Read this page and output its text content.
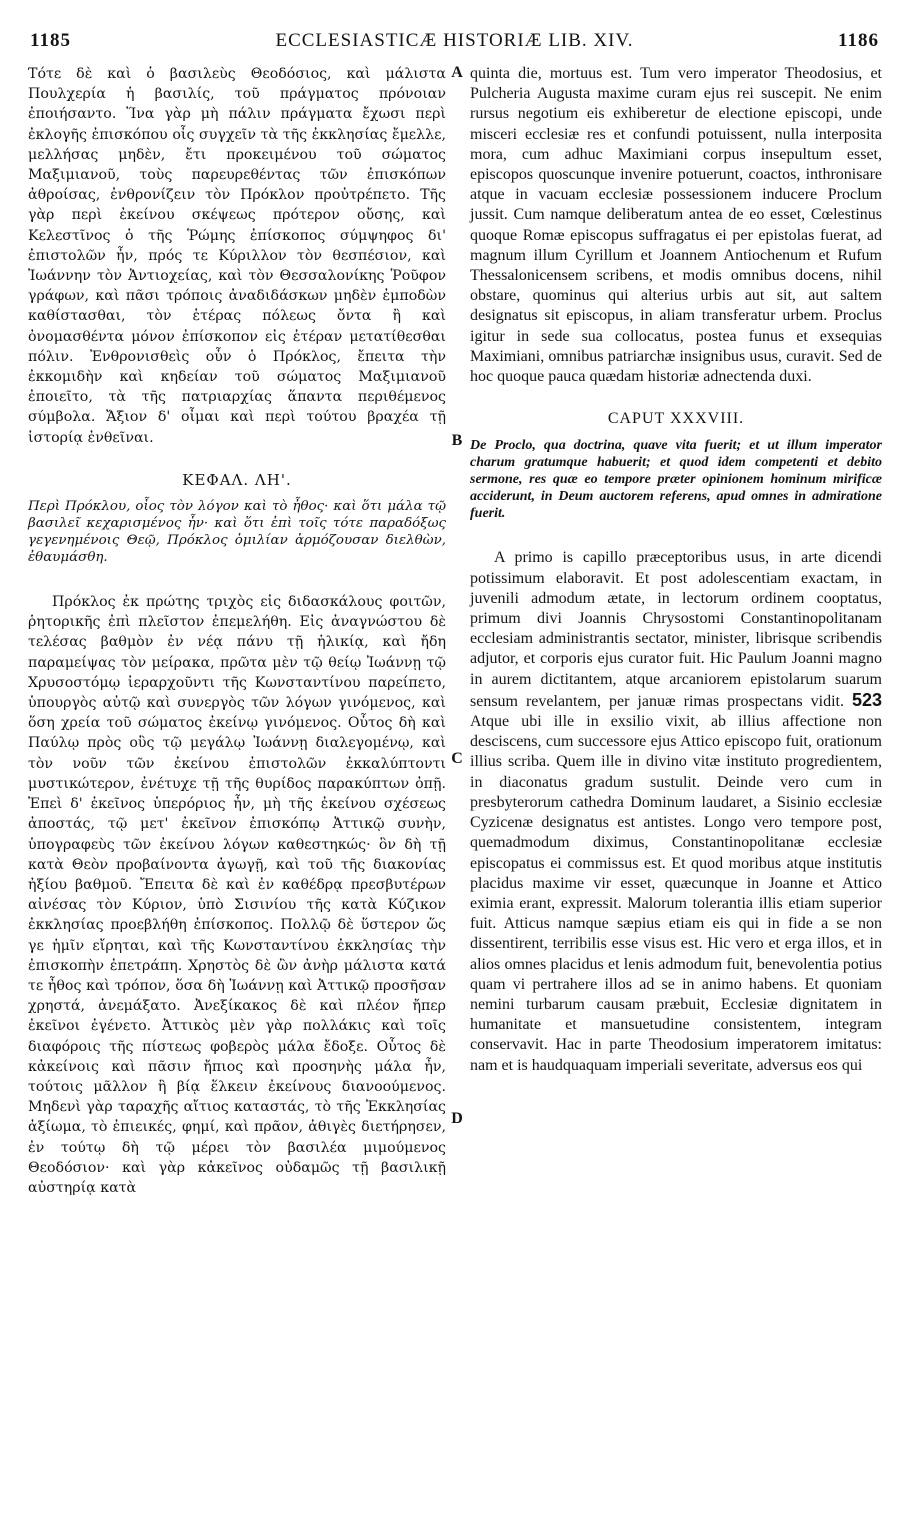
1185	ECCLESIASTICÆ HISTORIÆ LIB. XIV.	1186
A
B
C
D

Τότε δὲ καὶ ὁ βασιλεὺς Θεοδόσιος, καὶ μάλιστα Πουλχερία ἡ βασιλίς, τοῦ πράγματος πρόνοιαν ἐποιήσαντο. Ἵνα γὰρ μὴ πάλιν πράγματα ἔχωσι περὶ ἐκλογῆς ἐπισκόπου οἷς συγχεῖν τὰ τῆς ἐκκλησίας ἔμελλε, μελλήσας μηδὲν, ἔτι προκειμένου τοῦ σώματος Μαξιμιανοῦ, τοὺς παρευρεθέντας τῶν ἐπισκόπων ἀθροίσας, ἐνθρονίζειν τὸν Πρόκλον προὐτρέπετο. Τῆς γὰρ περὶ ἐκείνου σκέψεως πρότερον οὔσης, καὶ Κελεστῖνος ὁ τῆς Ῥώμης ἐπίσκοπος σύμψηφος δι' ἐπιστολῶν ἦν, πρός τε Κύριλλον τὸν θεσπέσιον, καὶ Ἰωάννην τὸν Ἀντιοχείας, καὶ τὸν Θεσσαλονίκης Ῥοῦφον γράφων, καὶ πᾶσι τρόποις ἀναδιδάσκων μηδὲν ἐμποδὼν καθίστασθαι, τὸν ἑτέρας πόλεως ὄντα ἢ καὶ ὀνομασθέντα μόνον ἐπίσκοπον εἰς ἑτέραν μετατίθεσθαι πόλιν. Ἐνθρονισθεὶς οὖν ὁ Πρόκλος, ἔπειτα τὴν ἐκκομιδὴν καὶ κηδείαν τοῦ σώματος Μαξιμιανοῦ ἐποιεῖτο, τὰ τῆς πατριαρχίας ἅπαντα περιθέμενος σύμβολα. Ἄξιον δ' οἶμαι καὶ περὶ τούτου βραχέα τῇ ἱστορίᾳ ἐνθεῖναι.

ΚΕΦΑΛ. ΛΗ'.

Περὶ Πρόκλου, οἷος τὸν λόγον καὶ τὸ ἦθος· καὶ ὅτι μάλα τῷ βασιλεῖ κεχαρισμένος ἦν· καὶ ὅτι ἐπὶ τοῖς τότε παραδόξως γεγενημένοις Θεῷ, Πρόκλος ὁμιλίαν ἁρμόζουσαν διελθὼν, ἐθαυμάσθη.

Πρόκλος ἐκ πρώτης τριχὸς εἰς διδασκάλους φοιτῶν, ῥητορικῆς ἐπὶ πλεῖστον ἐπεμελήθη. Εἰς ἀναγνώστου δὲ τελέσας βαθμὸν ἐν νέᾳ πάνυ τῇ ἡλικίᾳ, καὶ ἤδη παραμείψας τὸν μείρακα, πρῶτα μὲν τῷ θείῳ Ἰωάννῃ τῷ Χρυσοστόμῳ ἱεραρχοῦντι τῆς Κωνσταντίνου παρείπετο, ὑπουργὸς αὐτῷ καὶ συνεργὸς τῶν λόγων γινόμενος, καὶ ὅση χρεία τοῦ σώματος ἐκείνῳ γινόμενος. Οὗτος δὴ καὶ Παύλῳ πρὸς οὓς τῷ μεγάλῳ Ἰωάννῃ διαλεγομένῳ, καὶ τὸν νοῦν τῶν ἐκείνου ἐπιστολῶν ἐκκαλύπτοντι μυστικώτερον, ἐνέτυχε τῇ τῆς θυρίδος παρακύπτων ὀπῇ. Ἐπεὶ δ' ἐκεῖνος ὑπερόριος ἦν, μὴ τῆς ἐκείνου σχέσεως ἀποστάς, τῷ μετ' ἐκεῖνον ἐπισκόπῳ Ἀττικῷ συνὴν, ὑπογραφεὺς τῶν ἐκείνου λόγων καθεστηκώς· ὃν δὴ τῇ κατὰ Θεὸν προβαίνοντα ἀγωγῇ, καὶ τοῦ τῆς διακονίας ἠξίου βαθμοῦ. Ἔπειτα δὲ καὶ ἐν καθέδρᾳ πρεσβυτέρων αἰνέσας τὸν Κύριον, ὑπὸ Σισινίου τῆς κατὰ Κύζικον ἐκκλησίας προεβλήθη ἐπίσκοπος. Πολλῷ δὲ ὕστερον ὥς γε ἡμῖν εἴρηται, καὶ τῆς Κωνσταντίνου ἐκκλησίας τὴν ἐπισκοπὴν ἐπετράπη. Χρηστὸς δὲ ὢν ἀνὴρ μάλιστα κατά τε ἦθος καὶ τρόπον, ὅσα δὴ Ἰωάννῃ καὶ Ἀττικῷ προσῆσαν χρηστά, ἀνεμάξατο. Ἀνεξίκακος δὲ καὶ πλέον ἤπερ ἐκεῖνοι ἐγένετο. Ἀττικὸς μὲν γὰρ πολλάκις καὶ τοῖς διαφόροις τῆς πίστεως φοβερὸς μάλα ἔδοξε. Οὗτος δὲ κἀκείνοις καὶ πᾶσιν ἤπιος καὶ προσηνὴς μάλα ἦν, τούτοις μᾶλλον ἢ βίᾳ ἕλκειν ἐκείνους διανοούμενος. Μηδενὶ γὰρ ταραχῆς αἴτιος καταστάς, τὸ τῆς Ἐκκλησίας ἀξίωμα, τὸ ἐπιεικές, φημί, καὶ πρᾶον, ἀθιγὲς διετήρησεν, ἐν τούτῳ δὴ τῷ μέρει τὸν βασιλέα μιμούμενος Θεοδόσιον· καὶ γὰρ κἀκεῖνος οὐδαμῶς τῇ βασιλικῇ αὐστηρίᾳ κατὰ

quinta die, mortuus est. Tum vero imperator Theodosius, et Pulcheria Augusta maxime curam ejus rei suscepit. Ne enim rursus negotium eis exhiberetur de electione episcopi, unde misceri ecclesiæ res et confundi potuissent, nulla interposita mora, cum adhuc Maximiani corpus insepultum esset, episcopos quoscunque invenire potuerunt, coactos, inthronisare atque in vacuam ecclesiæ possessionem inducere Proclum jussit. Cum namque deliberatum antea de eo esset, Cœlestinus quoque Romæ episcopus suffragatus ei per epistolas fuerat, ad magnum illum Cyrillum et Joannem Antiochenum et Rufum Thessalonicensem scribens, et modis omnibus docens, nihil obstare, quominus qui alterius urbis aut sit, aut saltem designatus sit episcopus, in aliam transferatur urbem. Proclus igitur in sede sua collocatus, postea funus et exsequias Maximiani, omnibus patriarchæ insignibus usus, curavit. Sed de hoc quoque pauca quædam historiæ adnectenda duxi.

CAPUT XXXVIII.

De Proclo, qua doctrina, quave vita fuerit; et ut illum imperator charum gratumque habuerit; et quod idem competenti et debito sermone, res quæ eo tempore præter opinionem hominum mirificæ acciderunt, in Deum auctorem referens, apud omnes in admiratione fuerit.

A primo is capillo præceptoribus usus, in arte dicendi potissimum elaboravit. Et post adolescentiam exactam, in juvenili admodum ætate, in lectorum ordinem cooptatus, primum divi Joannis Chrysostomi Constantinopolitanam ecclesiam administrantis sectator, minister, librisque scribendis adjutor, et corporis ejus curator fuit. Hic Paulum Joanni magno in aurem dictitantem, atque arcaniorem epistolarum suarum sensum revelantem, per januæ rimas prospectans vidit. 523 Atque ubi ille in exsilio vixit, ab illius affectione non desciscens, cum successore ejus Attico episcopo fuit, orationum illius scriba. Quem ille in divino vitæ instituto progredientem, in diaconatus gradum sustulit. Deinde vero cum in presbyterorum cathedra Dominum laudaret, a Sisinio ecclesiæ Cyzicenæ designatus est antistes. Longo vero tempore post, quemadmodum diximus, Constantinopolitanæ ecclesiæ episcopatus ei commissus est. Et quod moribus atque institutis placidus maxime vir esset, quæcunque in Joanne et Attico eximia erant, expressit. Malorum tolerantia illis etiam superior fuit. Atticus namque sæpius etiam eis qui in fide a se non dissentirent, terribilis esse visus est. Hic vero et erga illos, et in alios omnes placidus et lenis admodum fuit, benevolentia potius quam vi pertrahere illos ad se in animo habens. Et quoniam nemini turbarum causam præbuit, Ecclesiæ dignitatem in humanitate et mansuetudine consistentem, integram conservavit. Hac in parte Theodosium imperatorem imitatus: nam et is haudquaquam imperiali severitate, adversus eos qui
